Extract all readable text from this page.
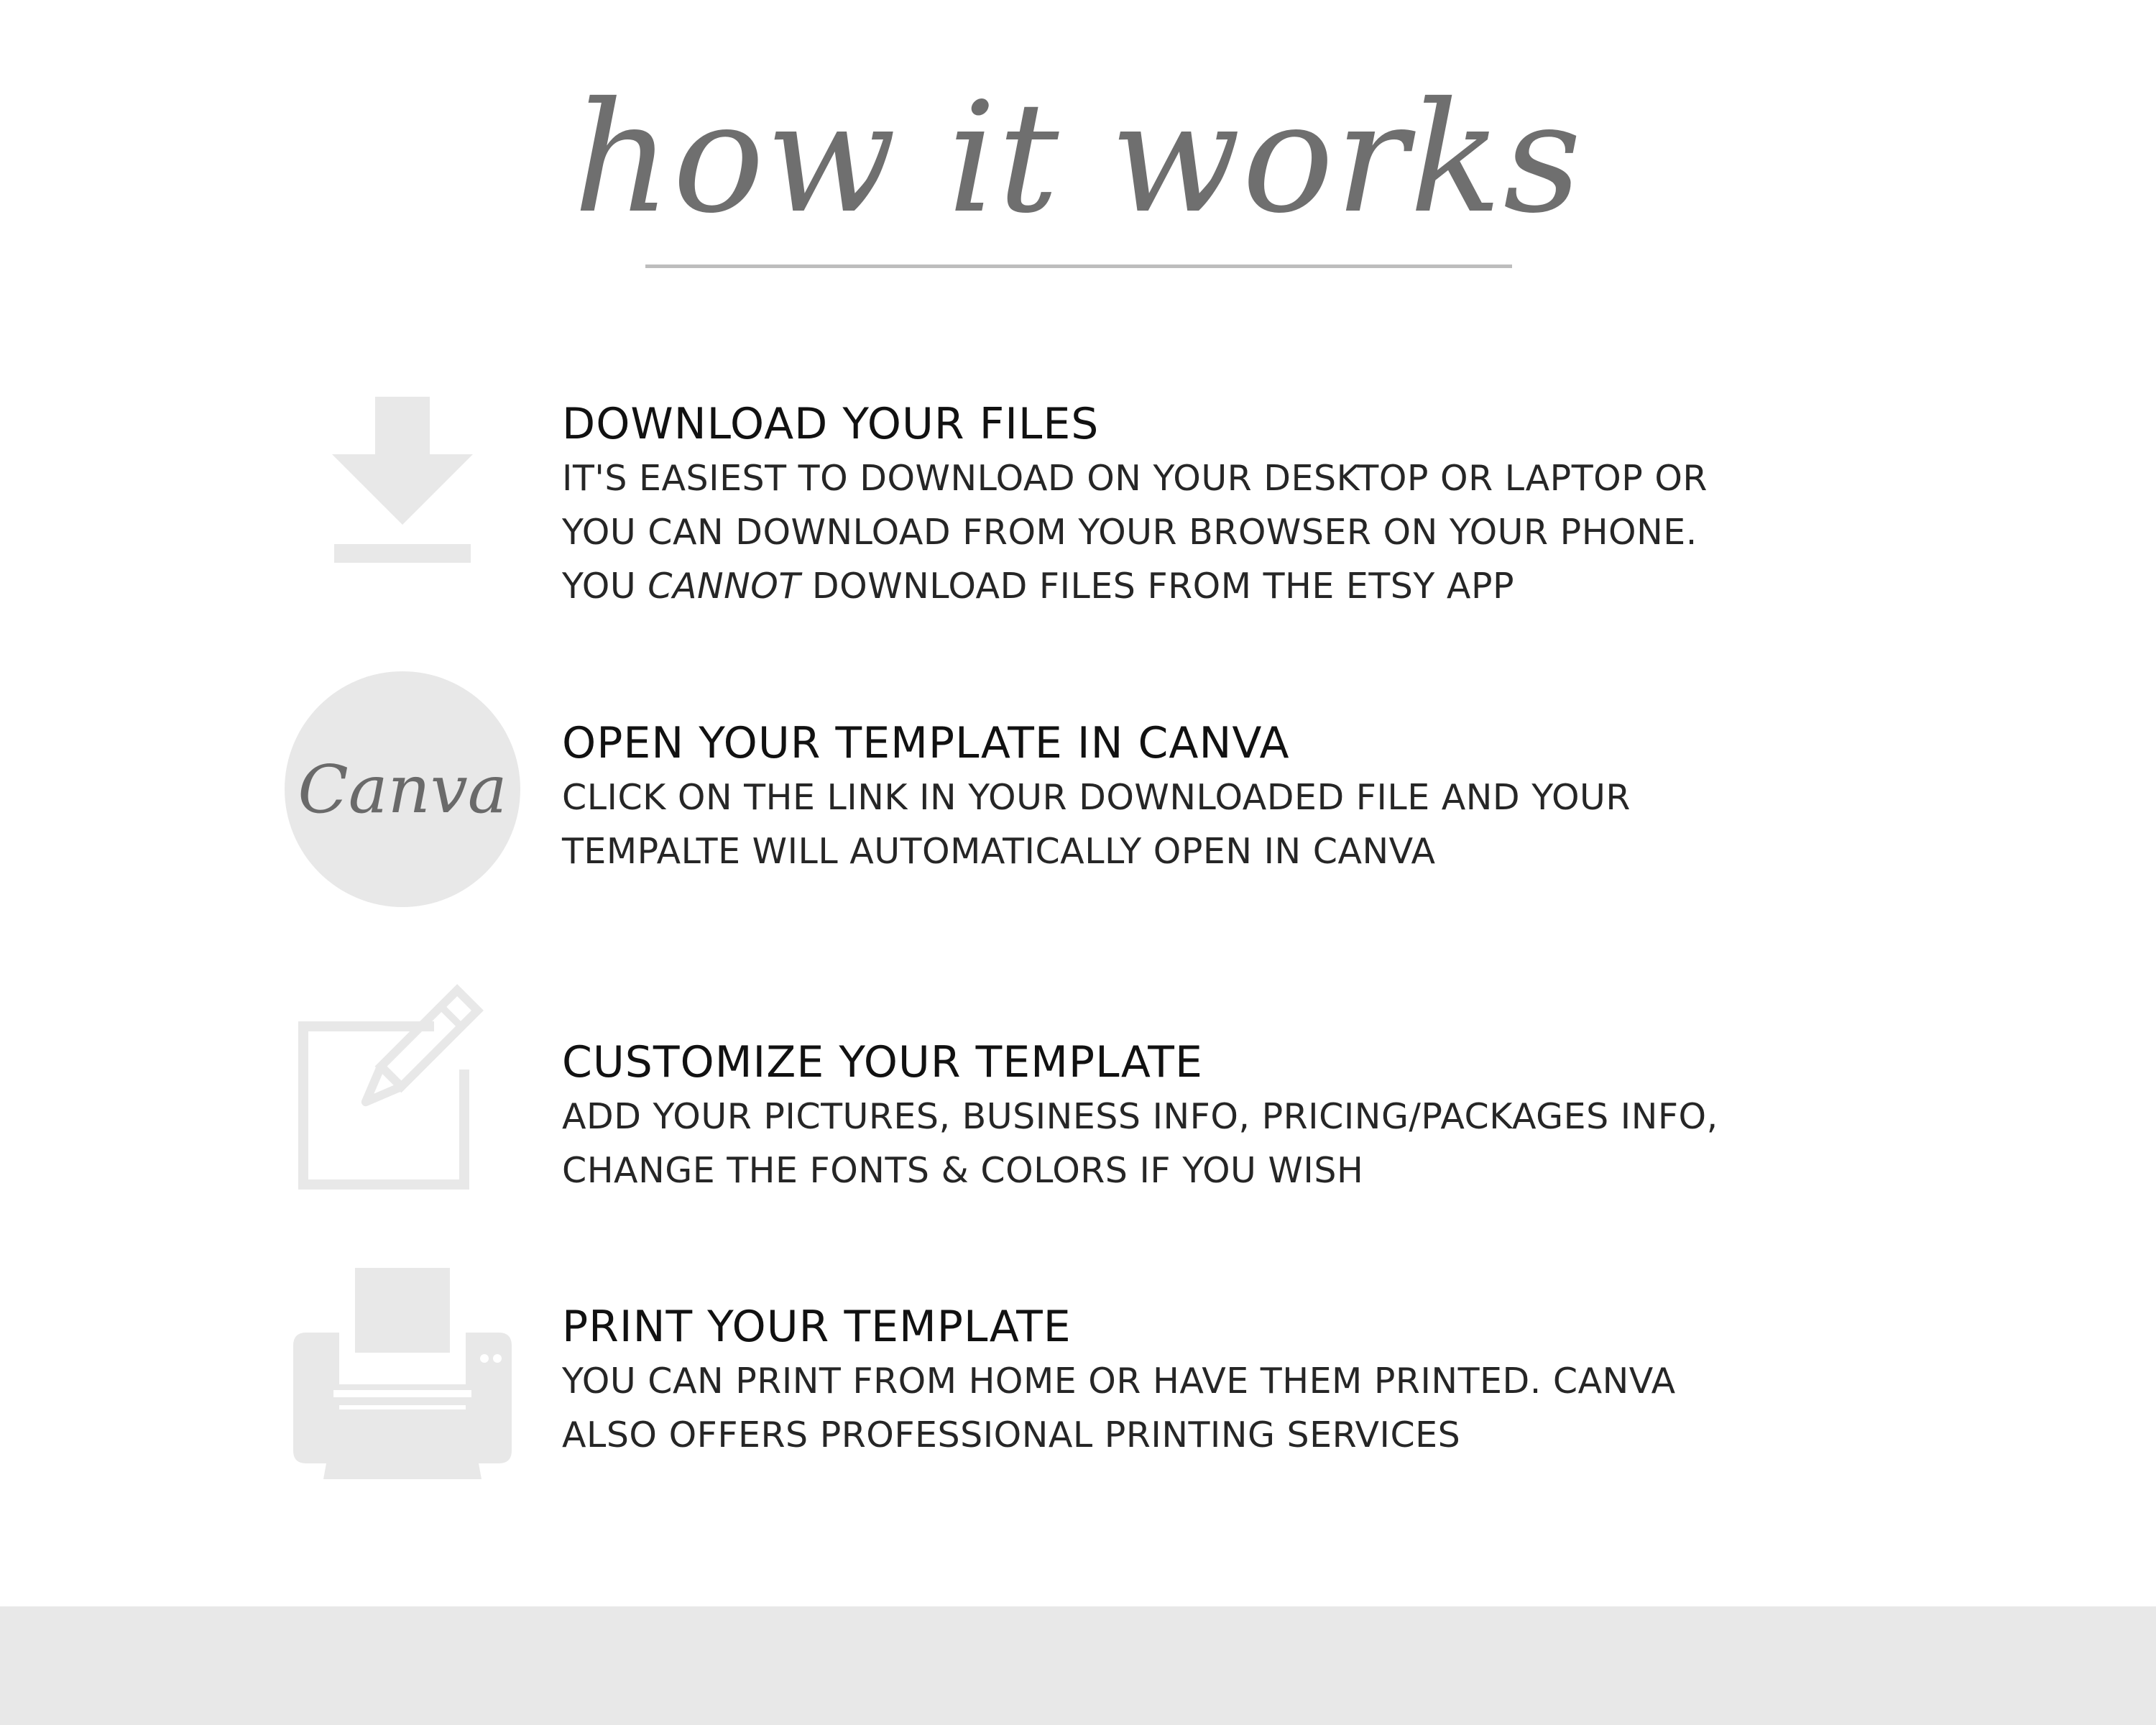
how it works
DOWNLOAD YOUR FILES
IT'S EASIEST TO DOWNLOAD ON YOUR DESKTOP OR LAPTOP OR
YOU CAN DOWNLOAD FROM YOUR BROWSER ON YOUR PHONE.
YOU CANNOT DOWNLOAD FILES FROM THE ETSY APP
Canva
OPEN YOUR TEMPLATE IN CANVA
CLICK ON THE LINK IN YOUR DOWNLOADED FILE AND YOUR
TEMPALTE WILL AUTOMATICALLY OPEN IN CANVA
CUSTOMIZE YOUR TEMPLATE
ADD YOUR PICTURES, BUSINESS INFO, PRICING/PACKAGES INFO,
CHANGE THE FONTS & COLORS IF YOU WISH
PRINT YOUR TEMPLATE
YOU CAN PRINT FROM HOME OR HAVE THEM PRINTED. CANVA
ALSO OFFERS PROFESSIONAL PRINTING SERVICES
